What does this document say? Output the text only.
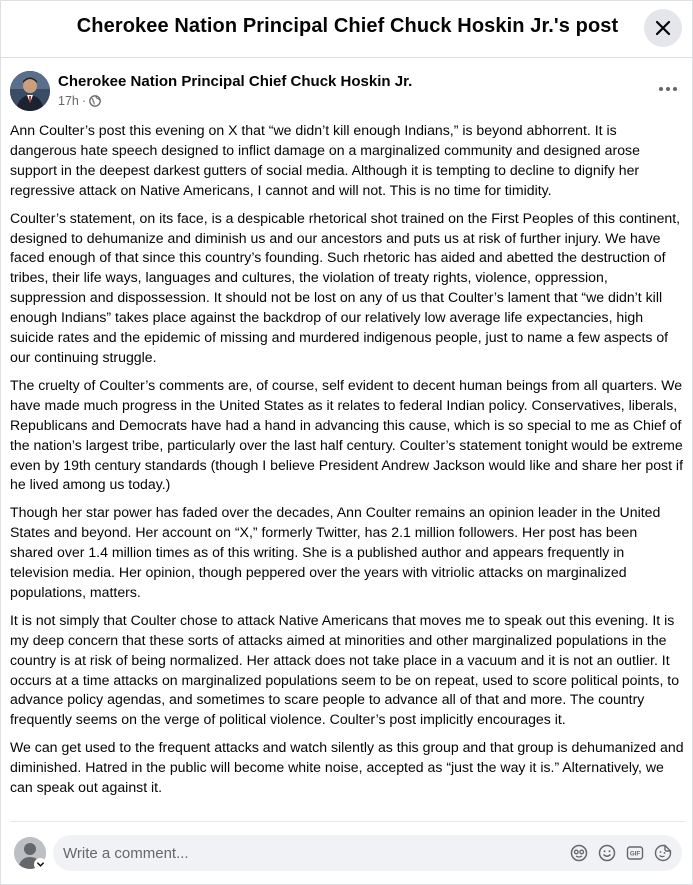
Cherokee Nation Principal Chief Chuck Hoskin Jr.'s post
Cherokee Nation Principal Chief Chuck Hoskin Jr.
17h ·

Ann Coulter’s post this evening on X that “we didn’t kill enough Indians,” is beyond abhorrent. It is dangerous hate speech designed to inflict damage on a marginalized community and designed arose support in the deepest darkest gutters of social media. Although it is tempting to decline to dignify her regressive attack on Native Americans, I cannot and will not. This is no time for timidity.

Coulter’s statement, on its face, is a despicable rhetorical shot trained on the First Peoples of this continent, designed to dehumanize and diminish us and our ancestors and puts us at risk of further injury. We have faced enough of that since this country’s founding. Such rhetoric has aided and abetted the destruction of tribes, their life ways, languages and cultures, the violation of treaty rights, violence, oppression, suppression and dispossession. It should not be lost on any of us that Coulter’s lament that “we didn’t kill enough Indians” takes place against the backdrop of our relatively low average life expectancies, high suicide rates and the epidemic of missing and murdered indigenous people, just to name a few aspects of our continuing struggle.

The cruelty of Coulter’s comments are, of course, self evident to decent human beings from all quarters. We have made much progress in the United States as it relates to federal Indian policy. Conservatives, liberals, Republicans and Democrats have had a hand in advancing this cause, which is so special to me as Chief of the nation’s largest tribe, particularly over the last half century. Coulter’s statement tonight would be extreme even by 19th century standards (though I believe President Andrew Jackson would like and share her post if he lived among us today.)

Though her star power has faded over the decades, Ann Coulter remains an opinion leader in the United States and beyond. Her account on “X,” formerly Twitter, has 2.1 million followers. Her post has been shared over 1.4 million times as of this writing. She is a published author and appears frequently in television media. Her opinion, though peppered over the years with vitriolic attacks on marginalized populations, matters.

It is not simply that Coulter chose to attack Native Americans that moves me to speak out this evening. It is my deep concern that these sorts of attacks aimed at minorities and other marginalized populations in the country is at risk of being normalized. Her attack does not take place in a vacuum and it is not an outlier. It occurs at a time attacks on marginalized populations seem to be on repeat, used to score political points, to advance policy agendas, and sometimes to scare people to advance all of that and more. The country frequently seems on the verge of political violence. Coulter’s post implicitly encourages it.

We can get used to the frequent attacks and watch silently as this group and that group is dehumanized and diminished. Hatred in the public will become white noise, accepted as “just the way it is.” Alternatively, we can speak out against it.

Write a comment...
GIF
